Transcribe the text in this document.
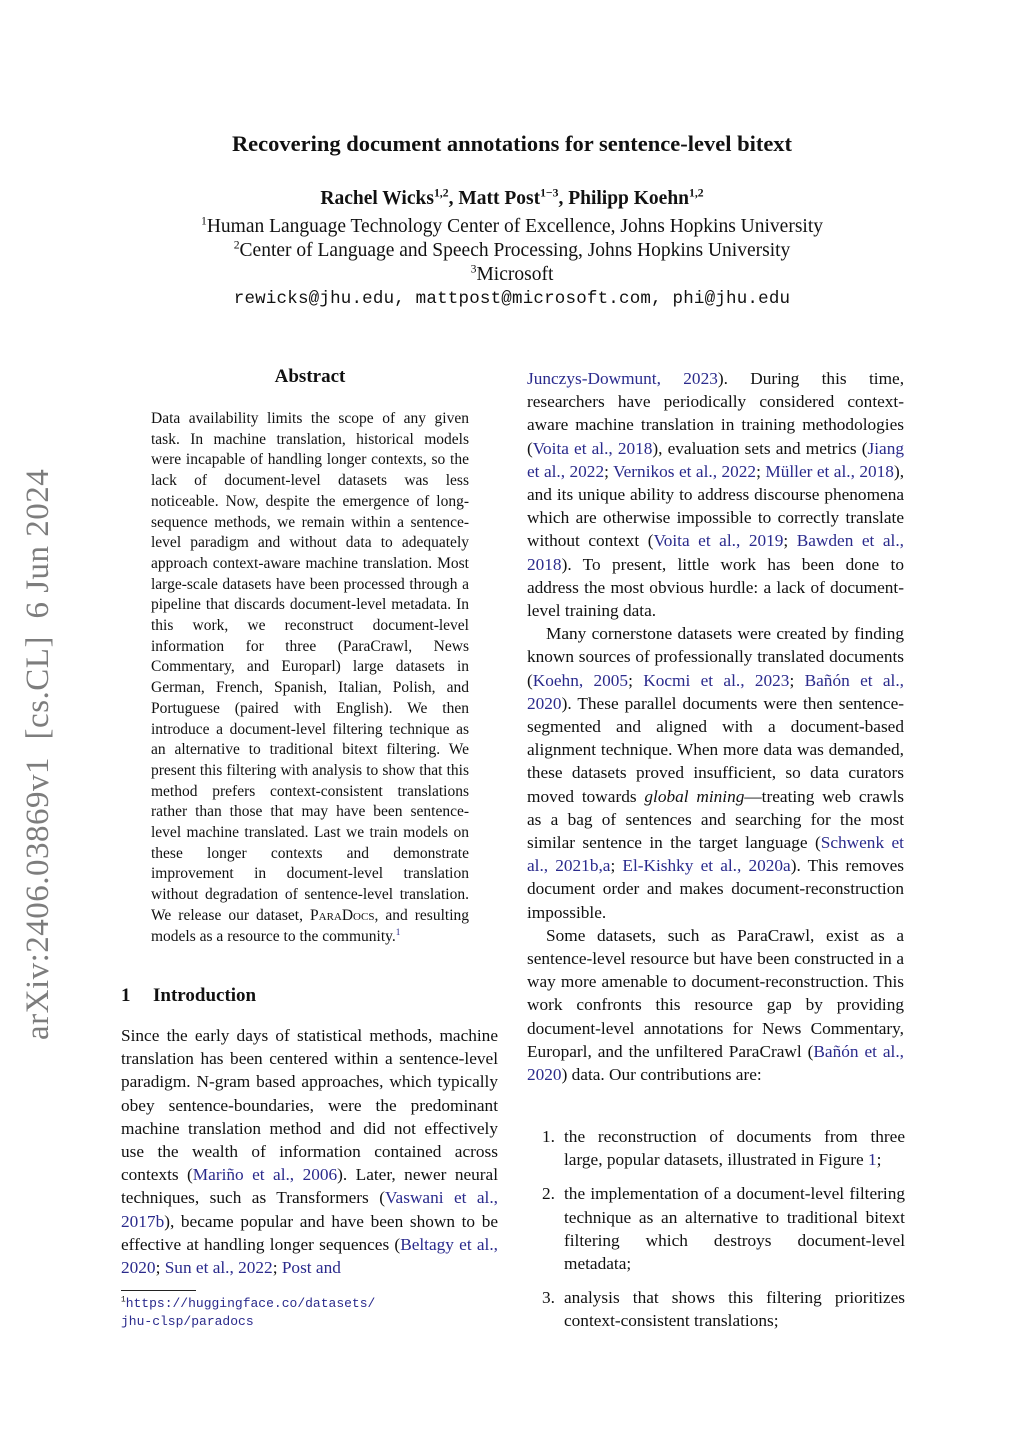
Recovering document annotations for sentence-level bitext
Rachel Wicks$^{1,2}$, Matt Post$^{1-3}$, Philipp Koehn$^{1,2}$
$^1$Human Language Technology Center of Excellence, Johns Hopkins University
$^2$Center of Language and Speech Processing, Johns Hopkins University
$^3$Microsoft
rewicks@jhu.edu, mattpost@microsoft.com, phi@jhu.edu
arXiv:2406.03869v1  [cs.CL]  6 Jun 2024
Abstract
Data availability limits the scope of any given task. In machine translation, historical models were incapable of handling longer contexts, so the lack of document-level datasets was less noticeable. Now, despite the emergence of long-sequence methods, we remain within a sentence-level paradigm and without data to adequately approach context-aware machine translation. Most large-scale datasets have been processed through a pipeline that discards document-level metadata. In this work, we reconstruct document-level information for three (ParaCrawl, News Commentary, and Europarl) large datasets in German, French, Spanish, Italian, Polish, and Portuguese (paired with English). We then introduce a document-level filtering technique as an alternative to traditional bitext filtering. We present this filtering with analysis to show that this method prefers context-consistent translations rather than those that may have been sentence-level machine translated. Last we train models on these longer contexts and demonstrate improvement in document-level translation without degradation of sentence-level translation. We release our dataset, ParaDocs, and resulting models as a resource to the community.$^1$
1 Introduction

Since the early days of statistical methods, machine translation has been centered within a sentence-level paradigm. N-gram based approaches, which typically obey sentence-boundaries, were the predominant machine translation method and did not effectively use the wealth of information contained across contexts (Mariño et al., 2006). Later, newer neural techniques, such as Transformers (Vaswani et al., 2017b), became popular and have been shown to be effective at handling longer sequences (Beltagy et al., 2020; Sun et al., 2022; Post and

Junczys-Dowmunt, 2023). During this time, researchers have periodically considered context-aware machine translation in training methodologies (Voita et al., 2018), evaluation sets and metrics (Jiang et al., 2022; Vernikos et al., 2022; Müller et al., 2018), and its unique ability to address discourse phenomena which are otherwise impossible to correctly translate without context (Voita et al., 2019; Bawden et al., 2018). To present, little work has been done to address the most obvious hurdle: a lack of document-level training data.

Many cornerstone datasets were created by finding known sources of professionally translated documents (Koehn, 2005; Kocmi et al., 2023; Bañón et al., 2020). These parallel documents were then sentence-segmented and aligned with a document-based alignment technique. When more data was demanded, these datasets proved insufficient, so data curators moved towards global mining—treating web crawls as a bag of sentences and searching for the most similar sentence in the target language (Schwenk et al., 2021b,a; El-Kishky et al., 2020a). This removes document order and makes document-reconstruction impossible.

Some datasets, such as ParaCrawl, exist as a sentence-level resource but have been constructed in a way more amenable to document-reconstruction. This work confronts this resource gap by providing document-level annotations for News Commentary, Europarl, and the unfiltered ParaCrawl (Bañón et al., 2020) data. Our contributions are:

1. the reconstruction of documents from three large, popular datasets, illustrated in Figure 1;
2. the implementation of a document-level filtering technique as an alternative to traditional bitext filtering which destroys document-level metadata;
3. analysis that shows this filtering prioritizes context-consistent translations;
$^1$https://huggingface.co/datasets/
jhu-clsp/paradocs
